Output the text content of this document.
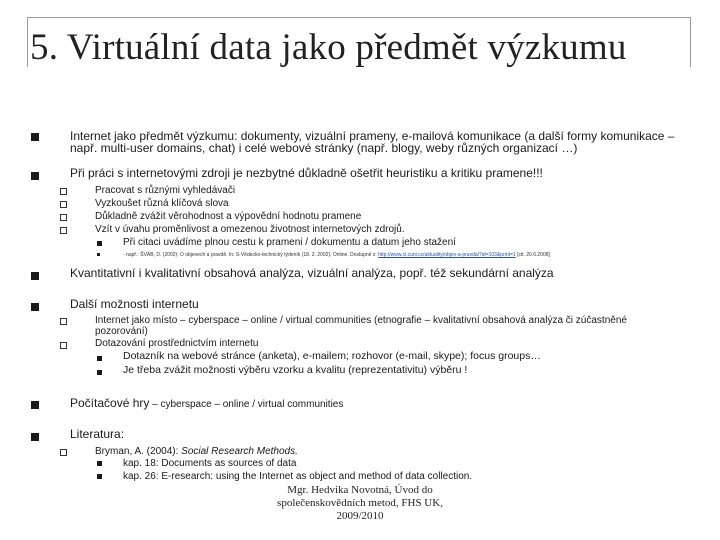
5. Virtuální data jako předmět výzkumu
Internet jako předmět výzkumu: dokumenty, vizuální prameny, e-mailová komunikace (a další formy komunikace – např. multi-user domains, chat) i celé webové stránky (např. blogy, weby různých organizací …)
Při práci s internetovými zdroji je nezbytné důkladně ošetřit heuristiku a kritiku pramene!!!
Pracovat s různými vyhledávači
Vyzkoušet různá klíčová slova
Důkladně zvážit věrohodnost a výpovědní hodnotu pramene
Vzít v úvahu proměnlivost a omezenou životnost internetových zdrojů.
Při citaci uvádíme plnou cestu k prameni / dokumentu a datum jeho stažení
- např.: ŠVÁB, D. (2002): O objevech a pravdě. In: S-Vědecko-technický týdeník (18. 2. 2002). Online. Dostupné z: http://www.cl.cuni.cz/aktuality/objev-a-pravda/?id=103&print=1 [cit. 20.6.2008]
Kvantitativní i kvalitativní obsahová analýza, vizuální analýza, popř. též sekundární analýza
Další možnosti internetu
Internet jako místo – cyberspace – online / virtual communities (etnografie – kvalitativní obsahová analýza či zúčastněné pozorování)
Dotazování prostřednictvím internetu
Dotazník na webové stránce (anketa), e-mailem; rozhovor (e-mail, skype); focus groups…
Je třeba zvážit možnosti výběru vzorku a kvalitu (reprezentativitu) výběru !
Počítačové hry – cyberspace – online / virtual communities
Literatura:
Bryman, A. (2004): Social Research Methods.
kap. 18: Documents as sources of data
kap. 26: E-research: using the Internet as object and method of data collection.
Mgr. Hedvika Novotná, Úvod do
společenskovědních metod, FHS UK,
2009/2010
